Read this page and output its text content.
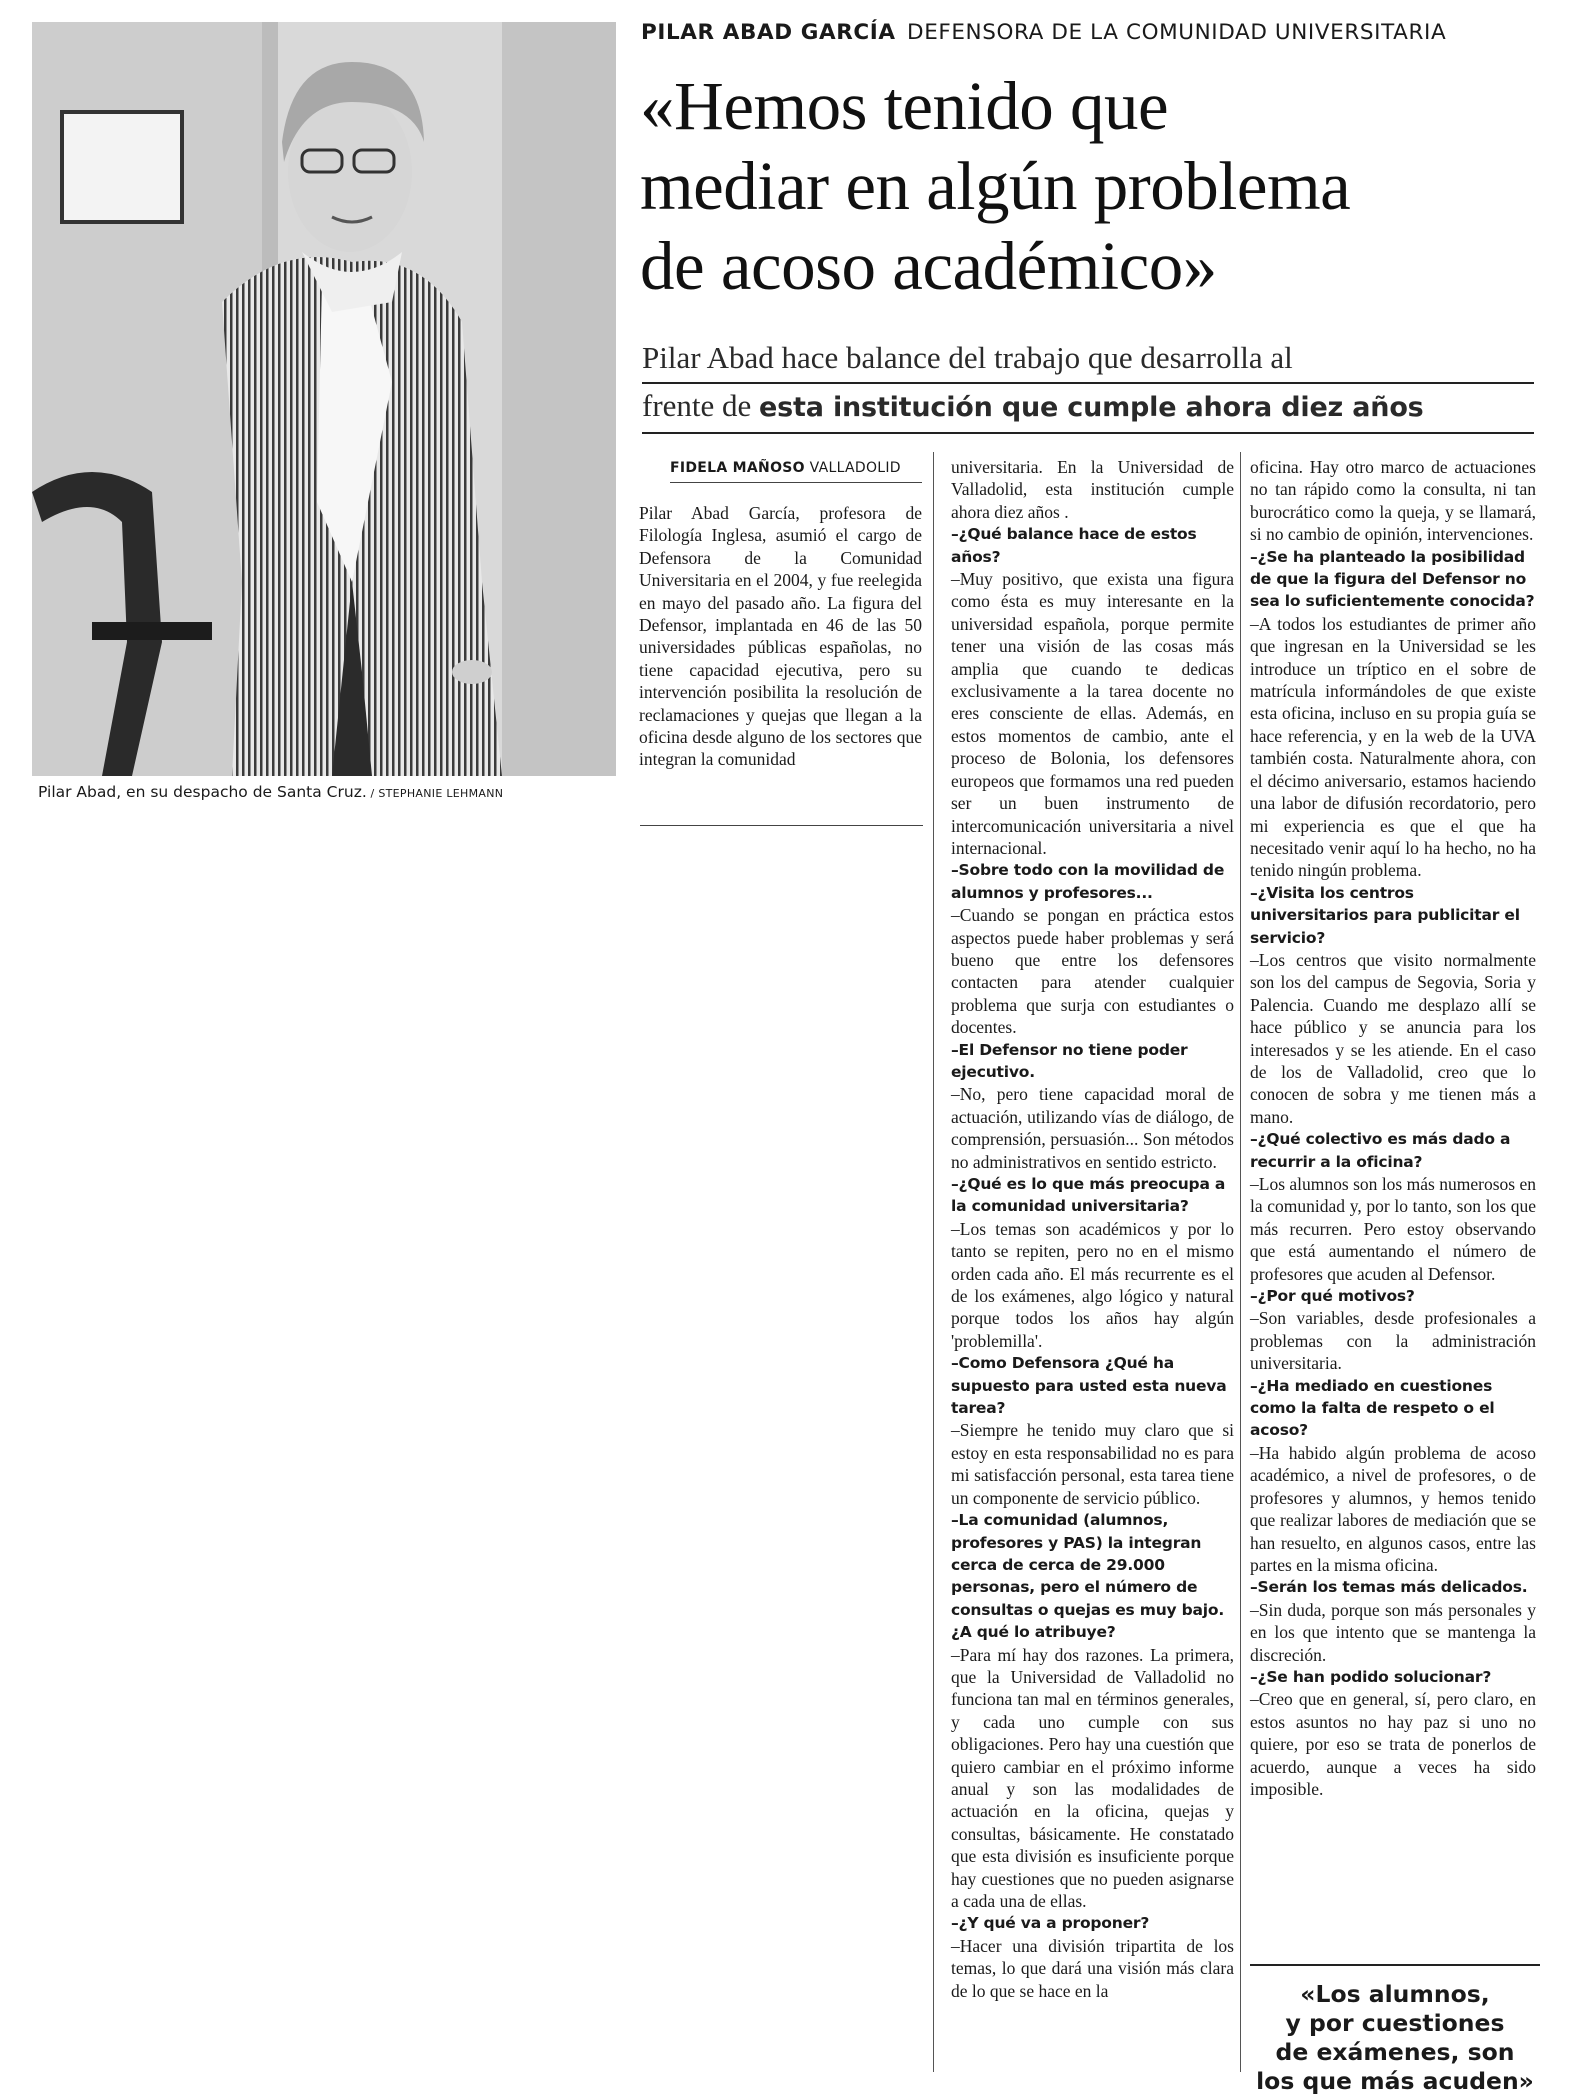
Pilar Abad, en su despacho de Santa Cruz. / STEPHANIE LEHMANN
PILAR ABAD GARCÍA DEFENSORA DE LA COMUNIDAD UNIVERSITARIA
«Hemos tenido que
mediar en algún problema
de acoso académico»
Pilar Abad hace balance del trabajo que desarrolla al
frente de esta institución que cumple ahora diez años
FIDELA MAÑOSO VALLADOLID

Pilar Abad García, profesora de Filología Inglesa, asumió el cargo de Defensora de la Comunidad Universitaria en el 2004, y fue reelegida en mayo del pasado año. La figura del Defensor, implantada en 46 de las 50 universidades públicas españolas, no tiene capacidad ejecutiva, pero su intervención posibilita la resolución de reclamaciones y quejas que llegan a la oficina desde alguno de los sectores que integran la comunidad

universitaria. En la Universidad de Valladolid, esta institución cumple ahora diez años .

–¿Qué balance hace de estos años?

–Muy positivo, que exista una figura como ésta es muy interesante en la universidad española, porque permite tener una visión de las cosas más amplia que cuando te dedicas exclusivamente a la tarea docente no eres consciente de ellas. Además, en estos momentos de cambio, ante el proceso de Bolonia, los defensores europeos que formamos una red pueden ser un buen instrumento de intercomunicación universitaria a nivel internacional.

–Sobre todo con la movilidad de alumnos y profesores...

–Cuando se pongan en práctica estos aspectos puede haber problemas y será bueno que entre los defensores contacten para atender cualquier problema que surja con estudiantes o docentes.

–El Defensor no tiene poder ejecutivo.

–No, pero tiene capacidad moral de actuación, utilizando vías de diálogo, de comprensión, persuasión... Son métodos no administrativos en sentido estricto.

–¿Qué es lo que más preocupa a la comunidad universitaria?

–Los temas son académicos y por lo tanto se repiten, pero no en el mismo orden cada año. El más recurrente es el de los exámenes, algo lógico y natural porque todos los años hay algún 'problemilla'.

–Como Defensora ¿Qué ha supuesto para usted esta nueva tarea?

–Siempre he tenido muy claro que si estoy en esta responsabilidad no es para mi satisfacción personal, esta tarea tiene un componente de servicio público.

–La comunidad (alumnos, profesores y PAS) la integran cerca de cerca de 29.000 personas, pero el número de consultas o quejas es muy bajo. ¿A qué lo atribuye?

–Para mí hay dos razones. La primera, que la Universidad de Valladolid no funciona tan mal en términos generales, y cada uno cumple con sus obligaciones. Pero hay una cuestión que quiero cambiar en el próximo informe anual y son las modalidades de actuación en la oficina, quejas y consultas, básicamente. He constatado que esta división es insuficiente porque hay cuestiones que no pueden asignarse a cada una de ellas.

–¿Y qué va a proponer?

–Hacer una división tripartita de los temas, lo que dará una visión más clara de lo que se hace en la

oficina. Hay otro marco de actuaciones no tan rápido como la consulta, ni tan burocrático como la queja, y se llamará, si no cambio de opinión, intervenciones.

–¿Se ha planteado la posibilidad de que la figura del Defensor no sea lo suficientemente conocida?

–A todos los estudiantes de primer año que ingresan en la Universidad se les introduce un tríptico en el sobre de matrícula informándoles de que existe esta oficina, incluso en su propia guía se hace referencia, y en la web de la UVA también costa. Naturalmente ahora, con el décimo aniversario, estamos haciendo una labor de difusión recordatorio, pero mi experiencia es que el que ha necesitado venir aquí lo ha hecho, no ha tenido ningún problema.

–¿Visita los centros universitarios para publicitar el servicio?

–Los centros que visito normalmente son los del campus de Segovia, Soria y Palencia. Cuando me desplazo allí se hace público y se anuncia para los interesados y se les atiende. En el caso de los de Valladolid, creo que lo conocen de sobra y me tienen más a mano.

–¿Qué colectivo es más dado a recurrir a la oficina?

–Los alumnos son los más numerosos en la comunidad y, por lo tanto, son los que más recurren. Pero estoy observando que está aumentando el número de profesores que acuden al Defensor.

–¿Por qué motivos?

–Son variables, desde profesionales a problemas con la administración universitaria.

–¿Ha mediado en cuestiones como la falta de respeto o el acoso?

–Ha habido algún problema de acoso académico, a nivel de profesores, o de profesores y alumnos, y hemos tenido que realizar labores de mediación que se han resuelto, en algunos casos, entre las partes en la misma oficina.

–Serán los temas más delicados.

–Sin duda, porque son más personales y en los que intento que se mantenga la discreción.

–¿Se han podido solucionar?

–Creo que en general, sí, pero claro, en estos asuntos no hay paz si uno no quiere, por eso se trata de ponerlos de acuerdo, aunque a veces ha sido imposible.

«Los alumnos,
y por cuestiones
de exámenes, son
los que más acuden»
